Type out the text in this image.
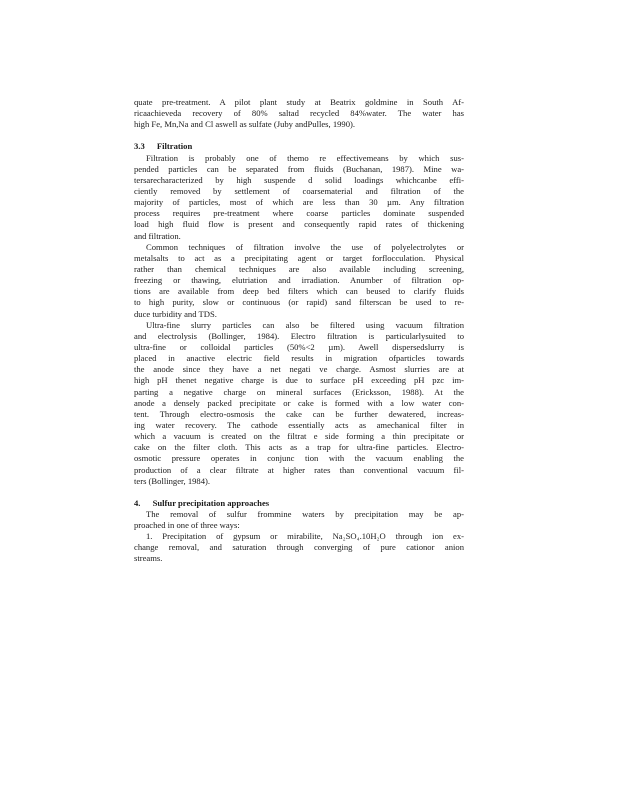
quate pre-treatment. A pilot plant study at Beatrix goldmine in South Af-
ricaachieveda recovery of 80% saltad recycled 84%water. The water has
high Fe, Mn,Na and Cl aswell as sulfate (Juby andPulles, 1990).
3.3 Filtration
Filtration is probably one of themo re effectivemeans by which sus-
pended particles can be separated from fluids (Buchanan, 1987). Mine wa-
tersarecharacterized by high suspende d solid loadings whichcanbe effi-
ciently removed by settlement of coarsematerial and filtration of the
majority of particles, most of which are less than 30 µm. Any filtration
process requires pre-treatment where coarse particles dominate suspended
load high fluid flow is present and consequently rapid rates of thickening
and filtration.
Common techniques of filtration involve the use of polyelectrolytes or
metalsalts to act as a precipitating agent or target forflocculation. Physical
rather than chemical techniques are also available including screening,
freezing or thawing, elutriation and irradiation. Anumber of filtration op-
tions are available from deep bed filters which can beused to clarify fluids
to high purity, slow or continuous (or rapid) sand filterscan be used to re-
duce turbidity and TDS.
Ultra-fine slurry particles can also be filtered using vacuum filtration
and electrolysis (Bollinger, 1984). Electro filtration is particularlysuited to
ultra-fine or colloidal particles (50%<2 µm). Awell dispersedslurry is
placed in anactive electric field results in migration ofparticles towards
the anode since they have a net negati ve charge. Asmost slurries are at
high pH thenet negative charge is due to surface pH exceeding pH pzc im-
parting a negative charge on mineral surfaces (Ericksson, 1988). At the
anode a densely packed precipitate or cake is formed with a low water con-
tent. Through electro-osmosis the cake can be further dewatered, increas-
ing water recovery. The cathode essentially acts as amechanical filter in
which a vacuum is created on the filtrat e side forming a thin precipitate or
cake on the filter cloth. This acts as a trap for ultra-fine particles. Electro-
osmotic pressure operates in conjunc tion with the vacuum enabling the
production of a clear filtrate at higher rates than conventional vacuum fil-
ters (Bollinger, 1984).
4. Sulfur precipitation approaches
The removal of sulfur frommine waters by precipitation may be ap-
proached in one of three ways:
1. Precipitation of gypsum or mirabilite, Na₂SO₄.10H₂O through ion ex-
change removal, and saturation through converging of pure cationor anion
streams.
